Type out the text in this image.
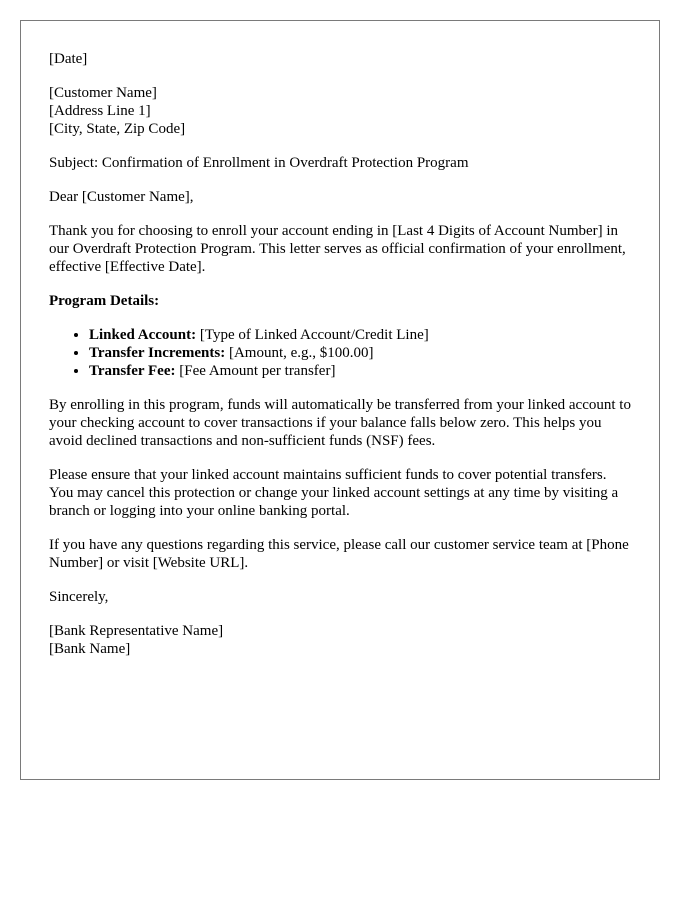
[Date]

[Customer Name]
[Address Line 1]
[City, State, Zip Code]

Subject: Confirmation of Enrollment in Overdraft Protection Program

Dear [Customer Name],

Thank you for choosing to enroll your account ending in [Last 4 Digits of Account Number] in our Overdraft Protection Program. This letter serves as official confirmation of your enrollment, effective [Effective Date].

Program Details:

• Linked Account: [Type of Linked Account/Credit Line]
• Transfer Increments: [Amount, e.g., $100.00]
• Transfer Fee: [Fee Amount per transfer]

By enrolling in this program, funds will automatically be transferred from your linked account to your checking account to cover transactions if your balance falls below zero. This helps you avoid declined transactions and non-sufficient funds (NSF) fees.

Please ensure that your linked account maintains sufficient funds to cover potential transfers. You may cancel this protection or change your linked account settings at any time by visiting a branch or logging into your online banking portal.

If you have any questions regarding this service, please call our customer service team at [Phone Number] or visit [Website URL].

Sincerely,

[Bank Representative Name]
[Bank Name]
